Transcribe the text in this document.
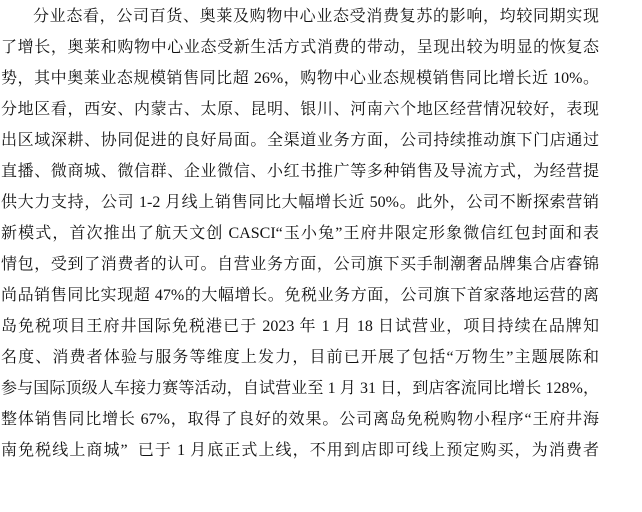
分业态看，公司百货、奥莱及购物中心业态受消费复苏的影响，均较同期实现
了增长，奥莱和购物中心业态受新生活方式消费的带动，呈现出较为明显的恢复态
势，其中奥莱业态规模销售同比超 26%，购物中心业态规模销售同比增长近 10%。
分地区看，西安、内蒙古、太原、昆明、银川、河南六个地区经营情况较好，表现
出区域深耕、协同促进的良好局面。全渠道业务方面，公司持续推动旗下门店通过
直播、微商城、微信群、企业微信、小红书推广等多种销售及导流方式，为经营提
供大力支持，公司 1-2 月线上销售同比大幅增长近 50%。此外，公司不断探索营销
新模式，首次推出了航天文创 CASCI“玉小兔”王府井限定形象微信红包封面和表
情包，受到了消费者的认可。自营业务方面，公司旗下买手制潮奢品牌集合店睿锦
尚品销售同比实现超 47%的大幅增长。免税业务方面，公司旗下首家落地运营的离
岛免税项目王府井国际免税港已于 2023 年 1 月 18 日试营业，项目持续在品牌知
名度、消费者体验与服务等维度上发力，目前已开展了包括“万物生”主题展陈和
参与国际顶级人车接力赛等活动，自试营业至 1 月 31 日，到店客流同比增长 128%，
整体销售同比增长 67%，取得了良好的效果。公司离岛免税购物小程序“王府井海
南免税线上商城”  已于 1 月底正式上线，不用到店即可线上预定购买，为消费者
